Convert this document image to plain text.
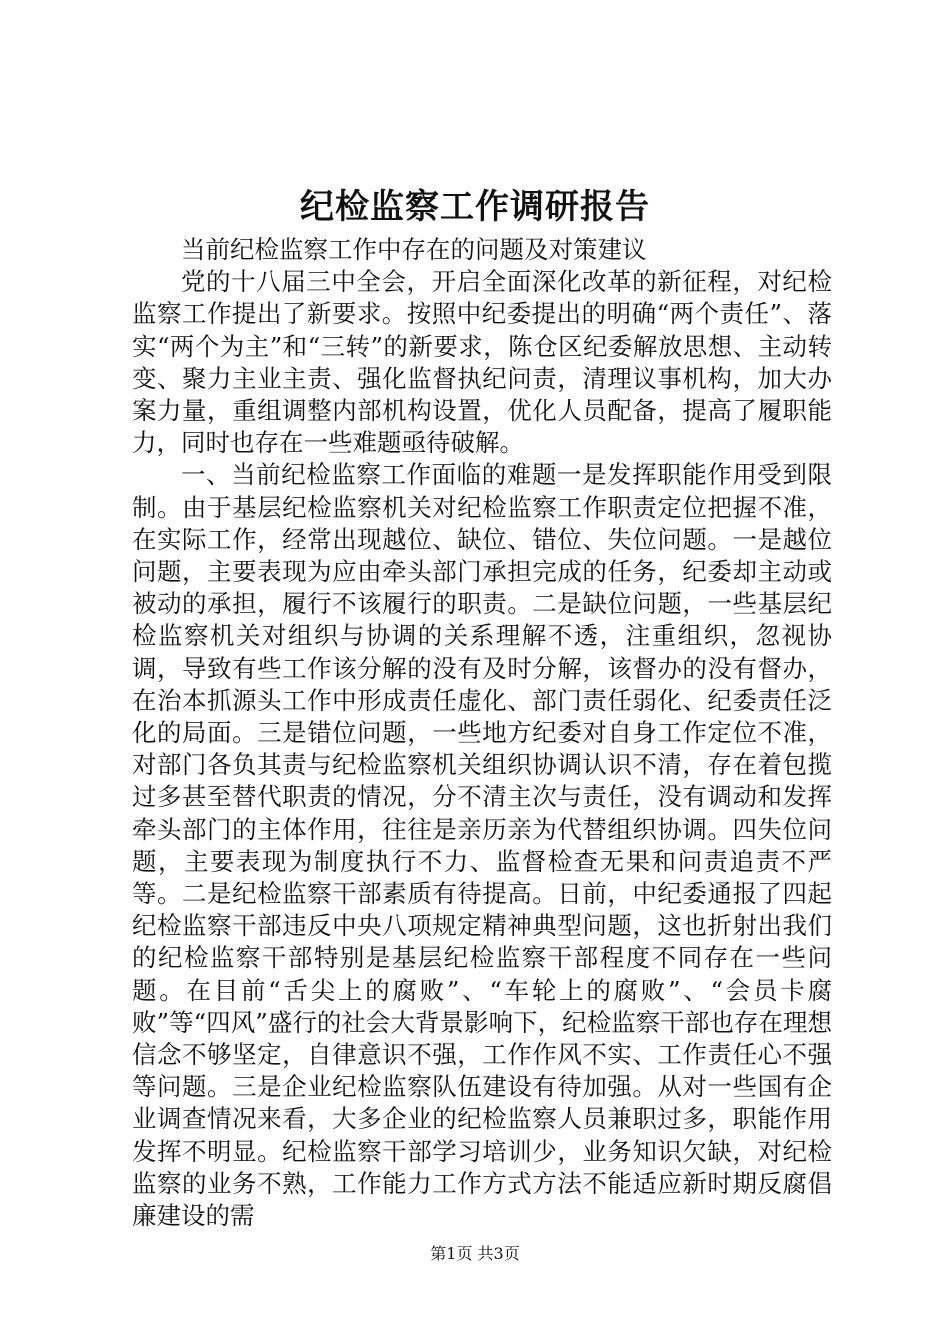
纪检监察工作调研报告

当前纪检监察工作中存在的问题及对策建议

党的十八届三中全会，开启全面深化改革的新征程，对纪检监察工作提出了新要求。按照中纪委提出的明确“两个责任”、落实“两个为主”和“三转”的新要求，陈仓区纪委解放思想、主动转变、聚力主业主责、强化监督执纪问责，清理议事机构，加大办案力量，重组调整内部机构设置，优化人员配备，提高了履职能力，同时也存在一些难题亟待破解。

一、当前纪检监察工作面临的难题一是发挥职能作用受到限制。由于基层纪检监察机关对纪检监察工作职责定位把握不准，在实际工作，经常出现越位、缺位、错位、失位问题。一是越位问题，主要表现为应由牵头部门承担完成的任务，纪委却主动或被动的承担，履行不该履行的职责。二是缺位问题，一些基层纪检监察机关对组织与协调的关系理解不透，注重组织，忽视协调，导致有些工作该分解的没有及时分解，该督办的没有督办，在治本抓源头工作中形成责任虚化、部门责任弱化、纪委责任泛化的局面。三是错位问题，一些地方纪委对自身工作定位不准，对部门各负其责与纪检监察机关组织协调认识不清，存在着包揽过多甚至替代职责的情况，分不清主次与责任，没有调动和发挥牵头部门的主体作用，往往是亲历亲为代替组织协调。四失位问题，主要表现为制度执行不力、监督检查无果和问责追责不严等。二是纪检监察干部素质有待提高。日前，中纪委通报了四起纪检监察干部违反中央八项规定精神典型问题，这也折射出我们的纪检监察干部特别是基层纪检监察干部程度不同存在一些问题。在目前“舌尖上的腐败”、“车轮上的腐败”、“会员卡腐败”等“四风”盛行的社会大背景影响下，纪检监察干部也存在理想信念不够坚定，自律意识不强，工作作风不实、工作责任心不强等问题。三是企业纪检监察队伍建设有待加强。从对一些国有企业调查情况来看，大多企业的纪检监察人员兼职过多，职能作用发挥不明显。纪检监察干部学习培训少，业务知识欠缺，对纪检监察的业务不熟，工作能力工作方式方法不能适应新时期反腐倡廉建设的需

第1页 共3页
